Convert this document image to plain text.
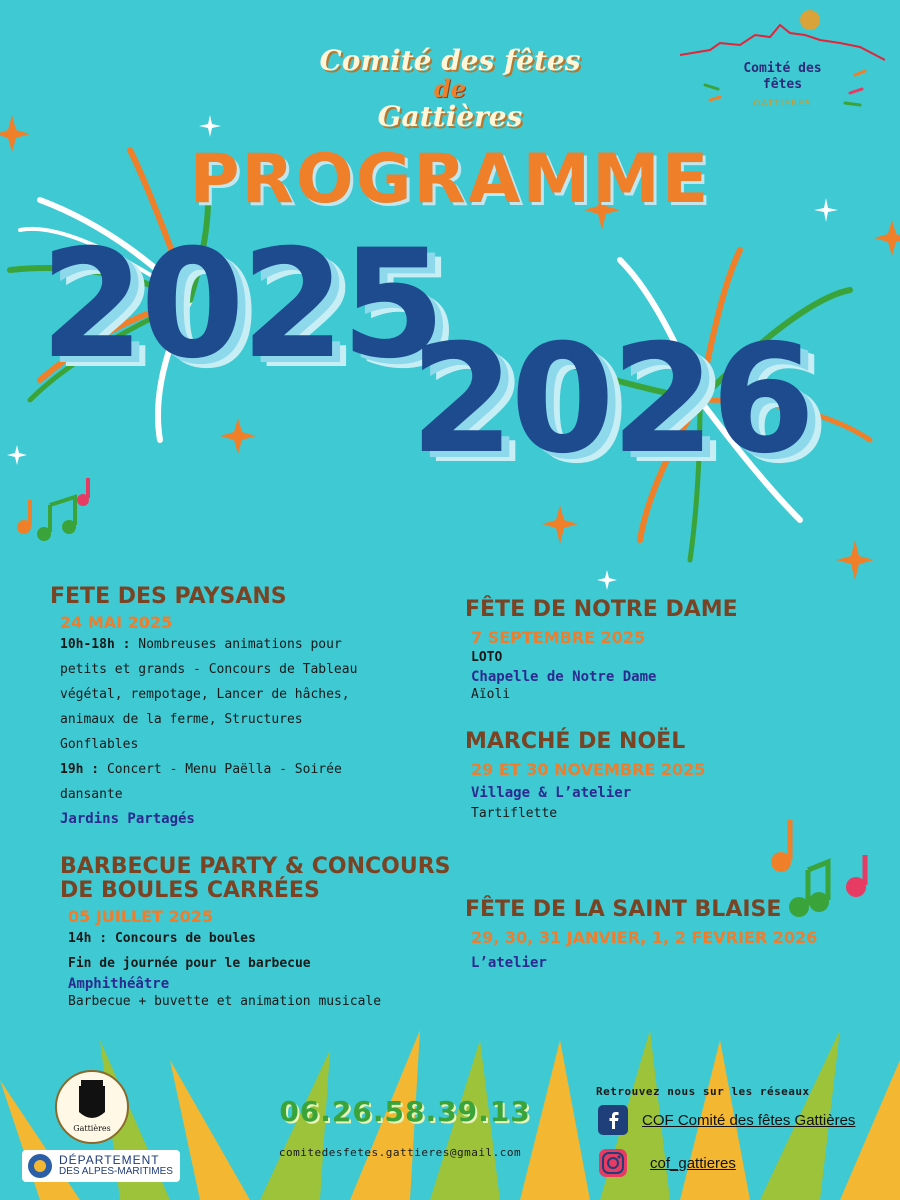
Comité des fêtes
de
Gattières
PROGRAMME
2025
2026
Comité des
fêtes
GATTIERES
FETE DES PAYSANS
24 MAI 2025
10h-18h : Nombreuses animations pour
petits et grands - Concours de Tableau
végétal, rempotage, Lancer de hâches,
animaux de la ferme, Structures
Gonflables
19h : Concert - Menu Paëlla - Soirée
dansante
Jardins Partagés
BARBECUE PARTY & CONCOURS
DE BOULES CARRÉES
05 JUILLET 2025
14h : Concours de boules
Fin de journée pour le barbecue
Amphithéâtre
Barbecue + buvette et animation musicale
FÊTE DE NOTRE DAME
7 SEPTEMBRE 2025
LOTO
Chapelle de Notre Dame
Aïoli
MARCHÉ DE NOËL
29 ET 30 NOVEMBRE 2025
Village & L’atelier
Tartiflette
FÊTE DE LA SAINT BLAISE
29, 30, 31 JANVIER, 1, 2 FEVRIER 2026
L’atelier
Gattières
DÉPARTEMENT
DES ALPES-MARITIMES
06.26.58.39.13
comitedesfetes.gattieres@gmail.com
Retrouvez nous sur les réseaux
COF Comité des fêtes Gattières
cof_gattieres
